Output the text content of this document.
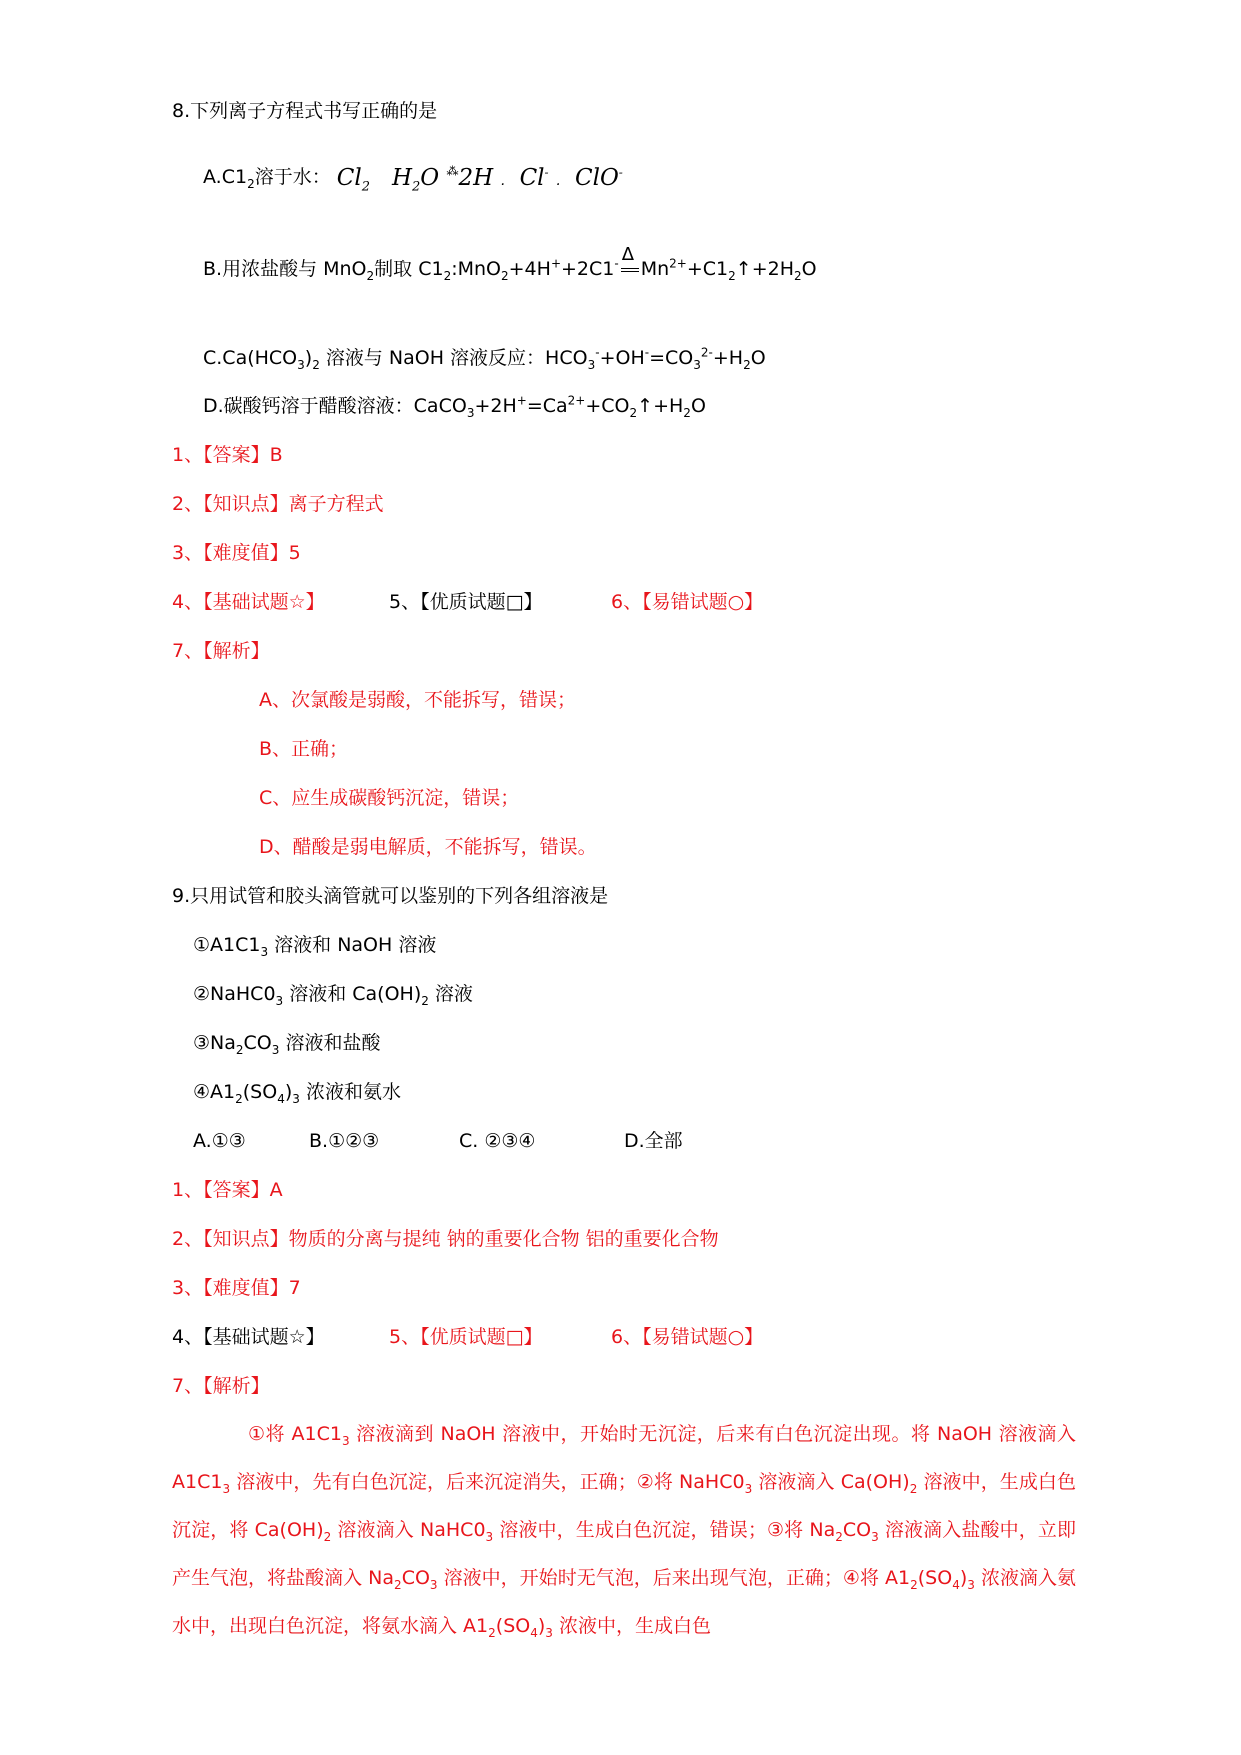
8.下列离子方程式书写正确的是
$A.C1_2$溶于水： $Cl_2$ $H_2O$ ⁂2H . Cl- . ClO-
B.用浓盐酸与 MnO$_2$制取 $C1_2:MnO_2+4H^++2C1^-$ Δ
$Mn^{2+}+C1_2↑+2H_2O$
$C.Ca(HCO_3)_2$ 溶液与 NaOH 溶液反应：$HCO_3^-+OH^-=CO_3^{2-}+H_2O$
D.碳酸钙溶于醋酸溶液：$CaCO_3+2H^+=Ca^{2+}+CO_2↑+H_2O$
1、【答案】B
2、【知识点】离子方程式
3、【难度值】5
4、【基础试题☆】	5、【优质试题□】	6、【易错试题○】
7、【解析】
A、次氯酸是弱酸，不能拆写，错误；
B、正确；
C、应生成碳酸钙沉淀，错误；
D、醋酸是弱电解质，不能拆写，错误。
9.只用试管和胶头滴管就可以鉴别的下列各组溶液是
$①A1C1_3$ 溶液和 NaOH 溶液
$②NaHC0_3$ 溶液和 $Ca(OH)_2$ 溶液
$③Na_2CO_3$ 溶液和盐酸
$④A1_2(SO_4)_3$ 浓液和氨水
A.①③	B.①②③	C. ②③④	D.全部
1、【答案】A
2、【知识点】物质的分离与提纯 钠的重要化合物 铝的重要化合物
3、【难度值】7
4、【基础试题☆】	5、【优质试题□】	6、【易错试题○】
7、【解析】

①将 $A1C1_3$ 溶液滴到 NaOH 溶液中，开始时无沉淀，后来有白色沉淀出现。将 NaOH 溶液滴入 $A1C1_3$ 溶液中，先有白色沉淀，后来沉淀消失，正确；②将 $NaHC0_3$ 溶液滴入 $Ca(OH)_2$ 溶液中，生成白色沉淀，将 $Ca(OH)_2$ 溶液滴入 $NaHC0_3$ 溶液中，生成白色沉淀，错误；③将 $Na_2CO_3$ 溶液滴入盐酸中，立即产生气泡，将盐酸滴入 $Na_2CO_3$ 溶液中，开始时无气泡，后来出现气泡，正确；④将 $A1_2(SO_4)_3$ 浓液滴入氨水中，出现白色沉淀，将氨水滴入 $A1_2(SO_4)_3$ 浓液中，生成白色
